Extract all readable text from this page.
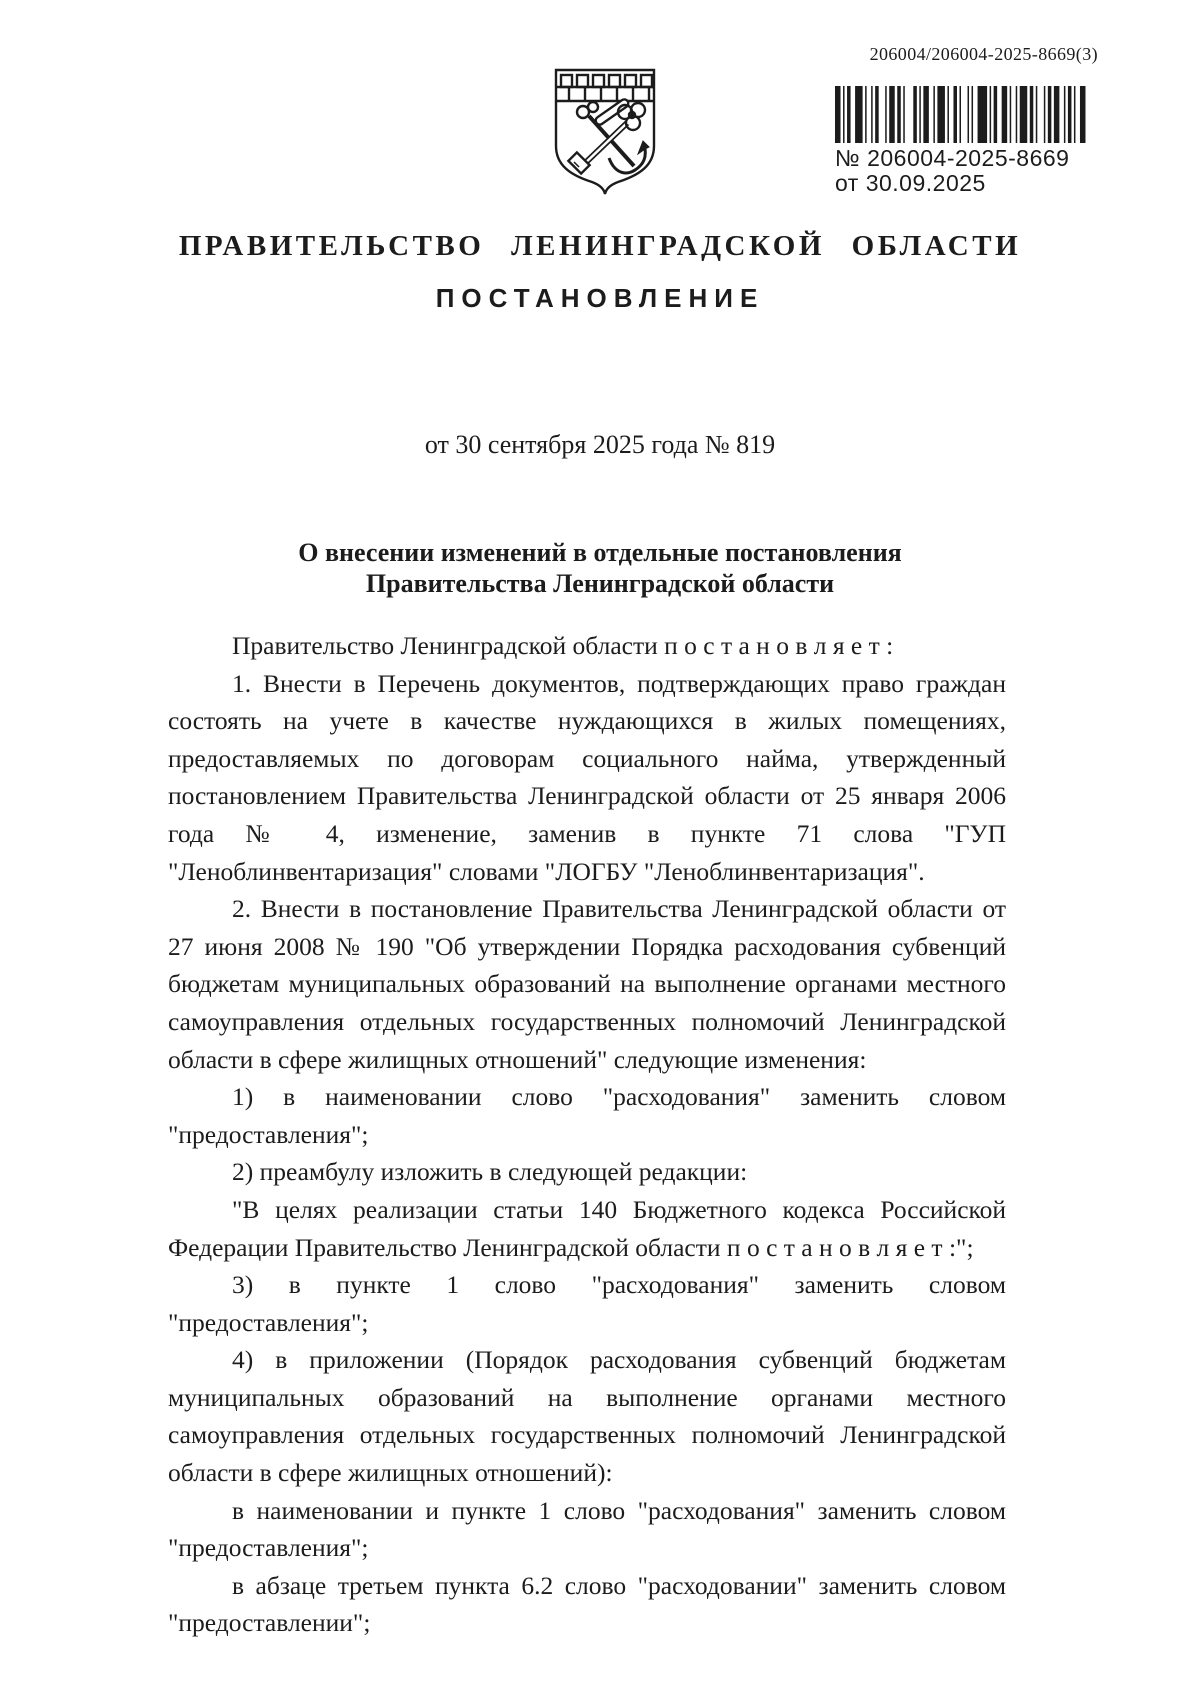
206004/206004-2025-8669(3)
№ 206004-2025-8669
от 30.09.2025
ПРАВИТЕЛЬСТВО ЛЕНИНГРАДСКОЙ ОБЛАСТИ
ПОСТАНОВЛЕНИЕ
от 30 сентября 2025 года № 819
О внесении изменений в отдельные постановления
Правительства Ленинградской области

Правительство Ленинградской области п о с т а н о в л я е т :

1. Внести в Перечень документов, подтверждающих право граждан состоять на учете в качестве нуждающихся в жилых помещениях, предоставляемых по договорам социального найма, утвержденный постановлением Правительства Ленинградской области от 25 января 2006 года № 4, изменение, заменив в пункте 71 слова "ГУП "Леноблинвентаризация" словами "ЛОГБУ "Леноблинвентаризация".

2. Внести в постановление Правительства Ленинградской области от 27 июня 2008 № 190 "Об утверждении Порядка расходования субвенций бюджетам муниципальных образований на выполнение органами местного самоуправления отдельных государственных полномочий Ленинградской области в сфере жилищных отношений" следующие изменения:

1) в наименовании слово "расходования" заменить словом "предоставления";

2) преамбулу изложить в следующей редакции:

"В целях реализации статьи 140 Бюджетного кодекса Российской Федерации Правительство Ленинградской области п о с т а н о в л я е т :";

3) в пункте 1 слово "расходования" заменить словом "предоставления";

4) в приложении (Порядок расходования субвенций бюджетам муниципальных образований на выполнение органами местного самоуправления отдельных государственных полномочий Ленинградской области в сфере жилищных отношений):

в наименовании и пункте 1 слово "расходования" заменить словом "предоставления";

в абзаце третьем пункта 6.2 слово "расходовании" заменить словом "предоставлении";
